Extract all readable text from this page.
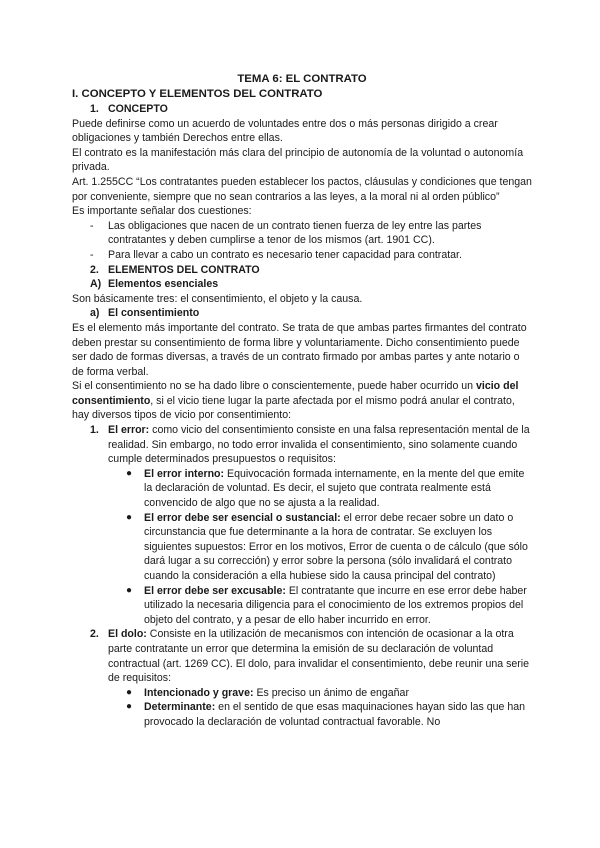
TEMA 6: EL CONTRATO

I. CONCEPTO Y ELEMENTOS DEL CONTRATO

1. CONCEPTO

Puede definirse como un acuerdo de voluntades entre dos o más personas dirigido a crear obligaciones y también Derechos entre ellas.

El contrato es la manifestación más clara del principio de autonomía de la voluntad o autonomía privada.

Art. 1.255CC “Los contratantes pueden establecer los pactos, cláusulas y condiciones que tengan por conveniente, siempre que no sean contrarios a las leyes, a la moral ni al orden público”

Es importante señalar dos cuestiones:

-	Las obligaciones que nacen de un contrato tienen fuerza de ley entre las partes contratantes y deben cumplirse a tenor de los mismos (art. 1901 CC).
-	Para llevar a cabo un contrato es necesario tener capacidad para contratar.
2. ELEMENTOS DEL CONTRATO
A) Elementos esenciales

Son básicamente tres: el consentimiento, el objeto y la causa.

a) El consentimiento

Es el elemento más importante del contrato. Se trata de que ambas partes firmantes del contrato deben prestar su consentimiento de forma libre y voluntariamente. Dicho consentimiento puede ser dado de formas diversas, a través de un contrato firmado por ambas partes y ante notario o de forma verbal.

Si el consentimiento no se ha dado libre o conscientemente, puede haber ocurrido un vicio del consentimiento, si el vicio tiene lugar la parte afectada por el mismo podrá anular el contrato, hay diversos tipos de vicio por consentimiento:

1. El error: como vicio del consentimiento consiste en una falsa representación mental de la realidad. Sin embargo, no todo error invalida el consentimiento, sino solamente cuando cumple determinados presupuestos o requisitos:

●	El error interno: Equivocación formada internamente, en la mente del que emite la declaración de voluntad. Es decir, el sujeto que contrata realmente está convencido de algo que no se ajusta a la realidad.

●	El error debe ser esencial o sustancial: el error debe recaer sobre un dato o circunstancia que fue determinante a la hora de contratar. Se excluyen los siguientes supuestos: Error en los motivos, Error de cuenta o de cálculo (que sólo dará lugar a su corrección) y error sobre la persona (sólo invalidará el contrato cuando la consideración a ella hubiese sido la causa principal del contrato)

●	El error debe ser excusable: El contratante que incurre en ese error debe haber utilizado la necesaria diligencia para el conocimiento de los extremos propios del objeto del contrato, y a pesar de ello haber incurrido en error.

2. El dolo: Consiste en la utilización de mecanismos con intención de ocasionar a la otra parte contratante un error que determina la emisión de su declaración de voluntad contractual (art. 1269 CC). El dolo, para invalidar el consentimiento, debe reunir una serie de requisitos:

●	Intencionado y grave: Es preciso un ánimo de engañar

●	Determinante: en el sentido de que esas maquinaciones hayan sido las que han provocado la declaración de voluntad contractual favorable. No
